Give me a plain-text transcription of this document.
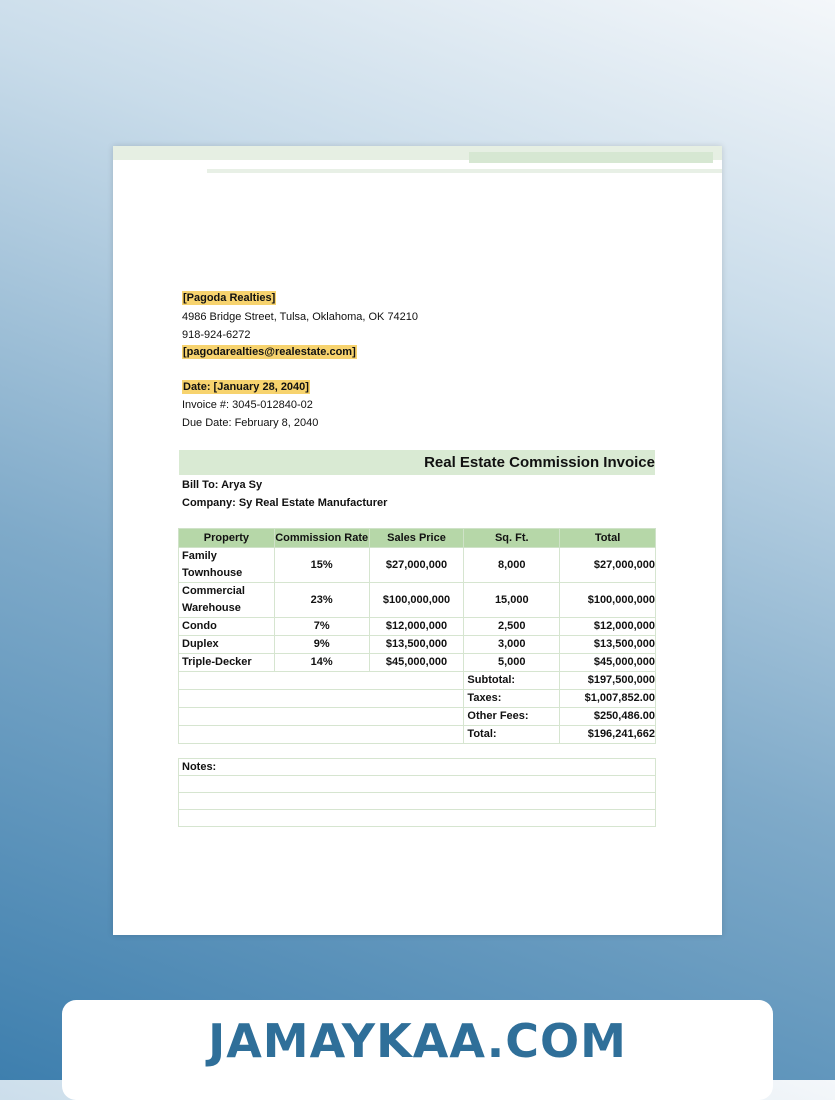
[Pagoda Realties]
4986 Bridge Street, Tulsa, Oklahoma, OK 74210
918-924-6272
[pagodarealties@realestate.com]
Date: [January 28, 2040]
Invoice #: 3045-012840-02
Due Date: February 8, 2040
Real Estate Commission Invoice
Bill To: Arya Sy
Company: Sy Real Estate Manufacturer
Property	Commission Rate	Sales Price	Sq. Ft.	Total
Family Townhouse	15%	$27,000,000	8,000	$27,000,000
Commercial Warehouse	23%	$100,000,000	15,000	$100,000,000
Condo	7%	$12,000,000	2,500	$12,000,000
Duplex	9%	$13,500,000	3,000	$13,500,000
Triple-Decker	14%	$45,000,000	5,000	$45,000,000
			Subtotal:	$197,500,000
			Taxes:	$1,007,852.00
			Other Fees:	$250,486.00
			Total:	$196,241,662
Notes:

JAMAYKAA.COM
